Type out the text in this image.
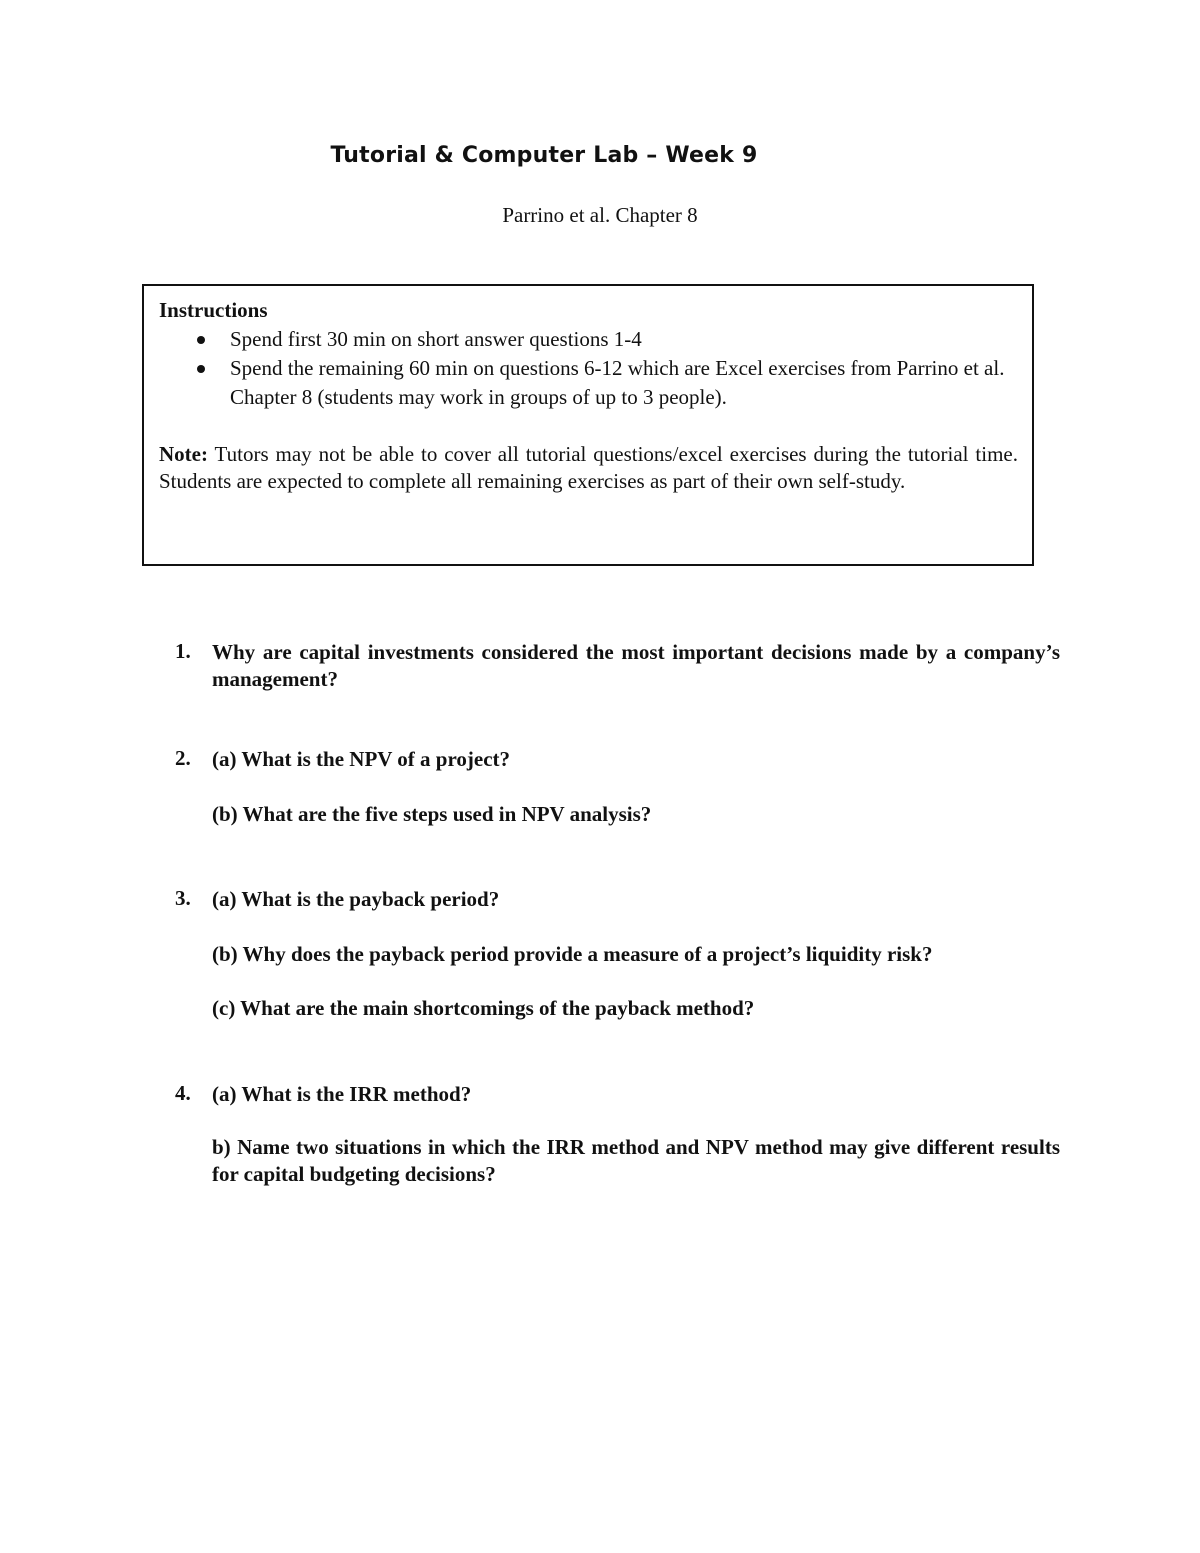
Tutorial & Computer Lab – Week 9
Parrino et al. Chapter 8

Instructions

Spend first 30 min on short answer questions 1-4
Spend the remaining 60 min on questions 6-12 which are Excel exercises from Parrino et al. Chapter 8 (students may work in groups of up to 3 people).

Note: Tutors may not be able to cover all tutorial questions/excel exercises during the tutorial time. Students are expected to complete all remaining exercises as part of their own self-study.

1. Why are capital investments considered the most important decisions made by a company’s management?
2. (a) What is the NPV of a project?
(b) What are the five steps used in NPV analysis?
3. (a) What is the payback period?
(b) Why does the payback period provide a measure of a project’s liquidity risk?
(c) What are the main shortcomings of the payback method?
4. (a) What is the IRR method?
b) Name two situations in which the IRR method and NPV method may give different results for capital budgeting decisions?
